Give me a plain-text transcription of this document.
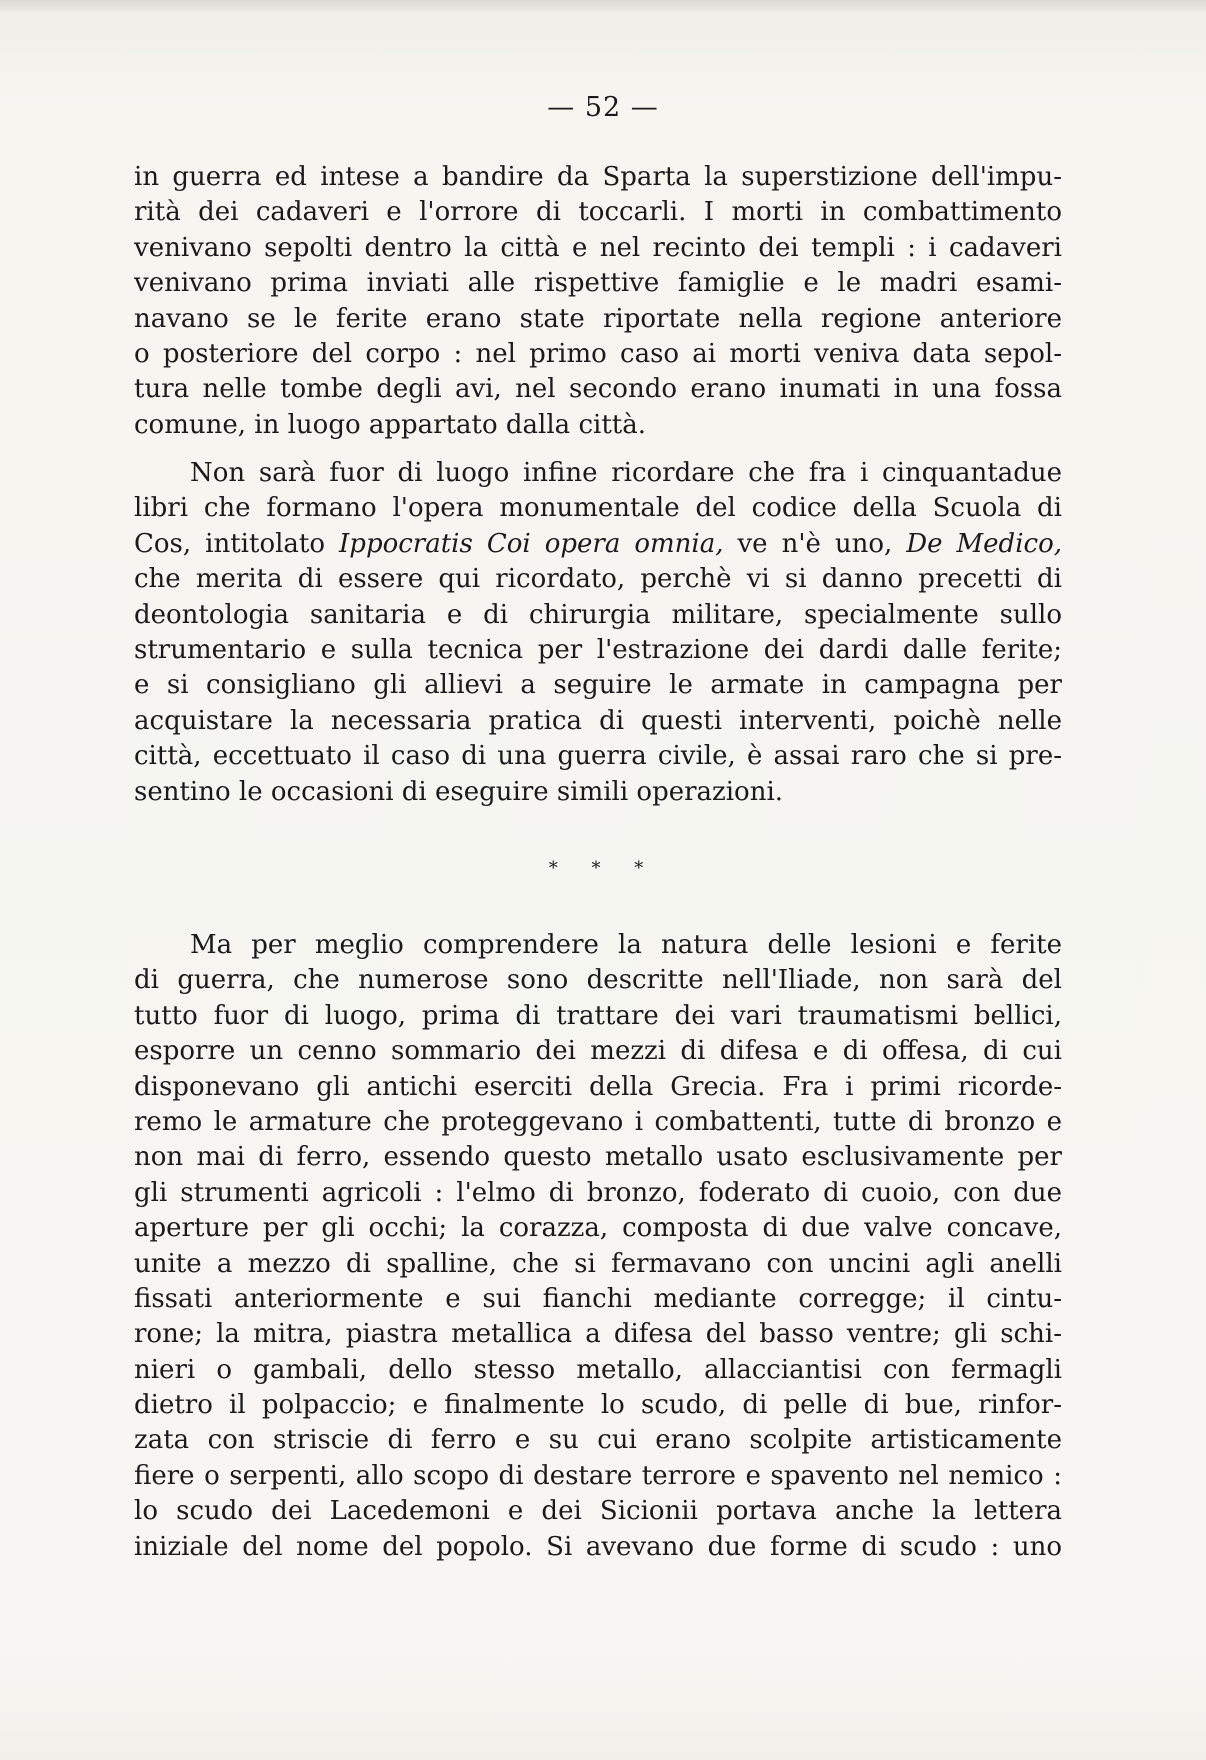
— 52 —
in guerra ed intese a bandire da Sparta la superstizione dell'impu-
rità dei cadaveri e l'orrore di toccarli. I morti in combattimento
venivano sepolti dentro la città e nel recinto dei templi : i cadaveri
venivano prima inviati alle rispettive famiglie e le madri esami-
navano se le ferite erano state riportate nella regione anteriore
o posteriore del corpo : nel primo caso ai morti veniva data sepol-
tura nelle tombe degli avi, nel secondo erano inumati in una fossa
comune, in luogo appartato dalla città.
Non sarà fuor di luogo infine ricordare che fra i cinquantadue
libri che formano l'opera monumentale del codice della Scuola di
Cos, intitolato Ippocratis Coi opera omnia, ve n'è uno, De Medico,
che merita di essere qui ricordato, perchè vi si danno precetti di
deontologia sanitaria e di chirurgia militare, specialmente sullo
strumentario e sulla tecnica per l'estrazione dei dardi dalle ferite;
e si consigliano gli allievi a seguire le armate in campagna per
acquistare la necessaria pratica di questi interventi, poichè nelle
città, eccettuato il caso di una guerra civile, è assai raro che si pre-
sentino le occasioni di eseguire simili operazioni.
* * *
Ma per meglio comprendere la natura delle lesioni e ferite
di guerra, che numerose sono descritte nell'Iliade, non sarà del
tutto fuor di luogo, prima di trattare dei vari traumatismi bellici,
esporre un cenno sommario dei mezzi di difesa e di offesa, di cui
disponevano gli antichi eserciti della Grecia. Fra i primi ricorde-
remo le armature che proteggevano i combattenti, tutte di bronzo e
non mai di ferro, essendo questo metallo usato esclusivamente per
gli strumenti agricoli : l'elmo di bronzo, foderato di cuoio, con due
aperture per gli occhi; la corazza, composta di due valve concave,
unite a mezzo di spalline, che si fermavano con uncini agli anelli
fissati anteriormente e sui fianchi mediante corregge; il cintu-
rone; la mitra, piastra metallica a difesa del basso ventre; gli schi-
nieri o gambali, dello stesso metallo, allacciantisi con fermagli
dietro il polpaccio; e finalmente lo scudo, di pelle di bue, rinfor-
zata con striscie di ferro e su cui erano scolpite artisticamente
fiere o serpenti, allo scopo di destare terrore e spavento nel nemico :
lo scudo dei Lacedemoni e dei Sicionii portava anche la lettera
iniziale del nome del popolo. Si avevano due forme di scudo : uno
